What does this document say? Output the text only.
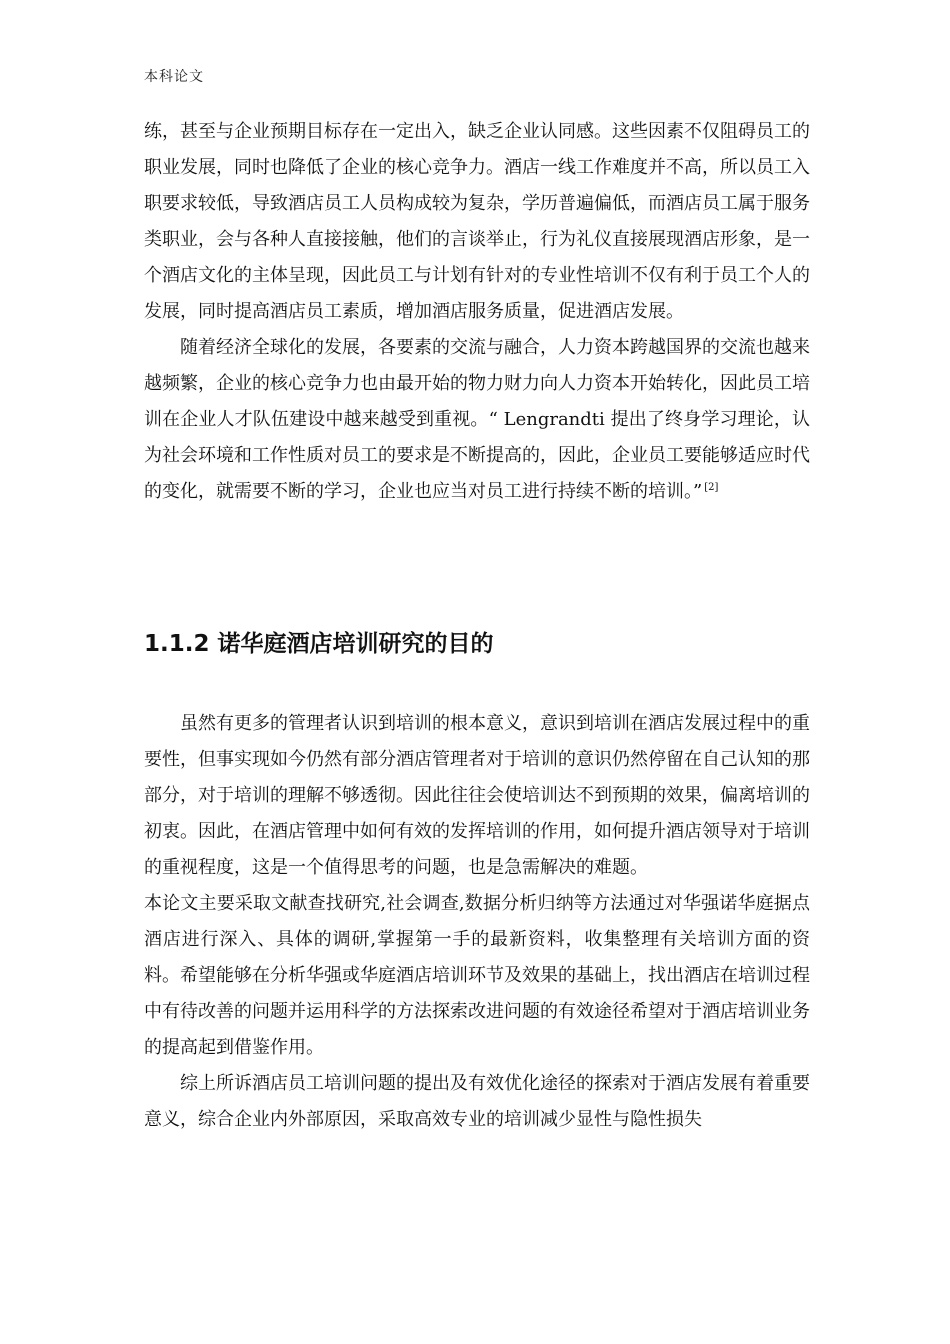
本科论文

练，甚至与企业预期目标存在一定出入，缺乏企业认同感。这些因素不仅阻碍员工的职业发展，同时也降低了企业的核心竞争力。酒店一线工作难度并不高，所以员工入职要求较低，导致酒店员工人员构成较为复杂，学历普遍偏低，而酒店员工属于服务类职业，会与各种人直接接触，他们的言谈举止，行为礼仪直接展现酒店形象，是一个酒店文化的主体呈现，因此员工与计划有针对的专业性培训不仅有利于员工个人的发展，同时提高酒店员工素质，增加酒店服务质量，促进酒店发展。

随着经济全球化的发展，各要素的交流与融合，人力资本跨越国界的交流也越来越频繁，企业的核心竞争力也由最开始的物力财力向人力资本开始转化，因此员工培训在企业人才队伍建设中越来越受到重视。“ Lengrandti 提出了终身学习理论，认为社会环境和工作性质对员工的要求是不断提高的，因此，企业员工要能够适应时代的变化，就需要不断的学习，企业也应当对员工进行持续不断的培训。” [2]

1.1.2 诺华庭酒店培训研究的目的

虽然有更多的管理者认识到培训的根本意义，意识到培训在酒店发展过程中的重要性，但事实现如今仍然有部分酒店管理者对于培训的意识仍然停留在自己认知的那部分，对于培训的理解不够透彻。因此往往会使培训达不到预期的效果，偏离培训的初衷。因此，在酒店管理中如何有效的发挥培训的作用，如何提升酒店领导对于培训的重视程度，这是一个值得思考的问题，也是急需解决的难题。

本论文主要采取文献查找研究,社会调查,数据分析归纳等方法通过对华强诺华庭据点酒店进行深入、具体的调研,掌握第一手的最新资料，收集整理有关培训方面的资料。希望能够在分析华强或华庭酒店培训环节及效果的基础上，找出酒店在培训过程中有待改善的问题并运用科学的方法探索改进问题的有效途径希望对于酒店培训业务的提高起到借鉴作用。

综上所诉酒店员工培训问题的提出及有效优化途径的探索对于酒店发展有着重要意义，综合企业内外部原因，采取高效专业的培训减少显性与隐性损失
